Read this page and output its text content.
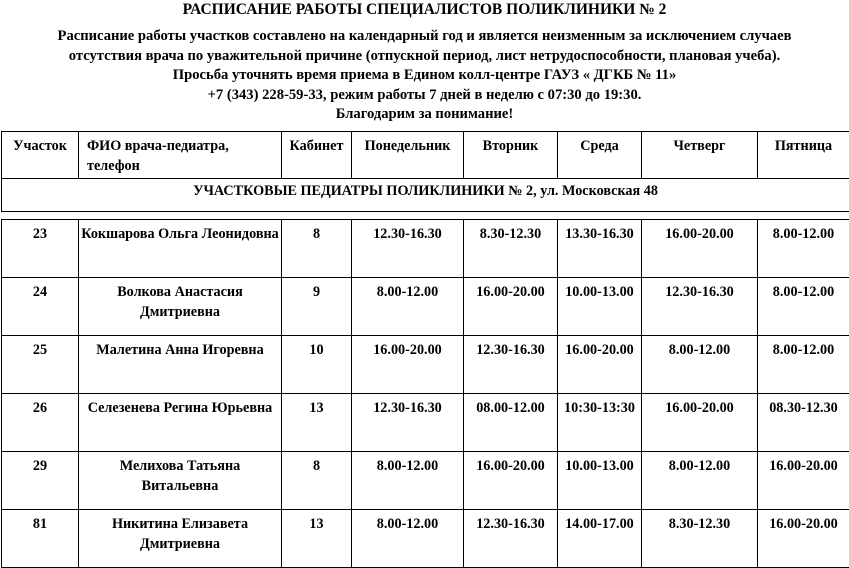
РАСПИСАНИЕ РАБОТЫ СПЕЦИАЛИСТОВ ПОЛИКЛИНИКИ № 2
Расписание работы участков составлено на календарный год и является неизменным за исключением случаев
отсутствия врача по уважительной причине (отпускной период, лист нетрудоспособности, плановая учеба).
Просьба уточнять время приема в Едином колл-центре ГАУЗ « ДГКБ № 11»
+7 (343) 228-59-33, режим работы 7 дней в неделю с 07:30 до 19:30.
Благодарим за понимание!
Участок	ФИО врача-педиатра, телефон	Кабинет	Понедельник	Вторник	Среда	Четверг	Пятница
УЧАСТКОВЫЕ ПЕДИАТРЫ ПОЛИКЛИНИКИ № 2, ул. Московская 48							

23	Кокшарова Ольга Леонидовна	8	12.30-16.30	8.30-12.30	13.30-16.30	16.00-20.00	8.00-12.00
24	Волкова Анастасия Дмитриевна	9	8.00-12.00	16.00-20.00	10.00-13.00	12.30-16.30	8.00-12.00
25	Малетина Анна Игоревна	10	16.00-20.00	12.30-16.30	16.00-20.00	8.00-12.00	8.00-12.00
26	Селезенева Регина Юрьевна	13	12.30-16.30	08.00-12.00	10:30-13:30	16.00-20.00	08.30-12.30
29	Мелихова Татьяна Витальевна	8	8.00-12.00	16.00-20.00	10.00-13.00	8.00-12.00	16.00-20.00
81	Никитина Елизавета Дмитриевна	13	8.00-12.00	12.30-16.30	14.00-17.00	8.30-12.30	16.00-20.00
